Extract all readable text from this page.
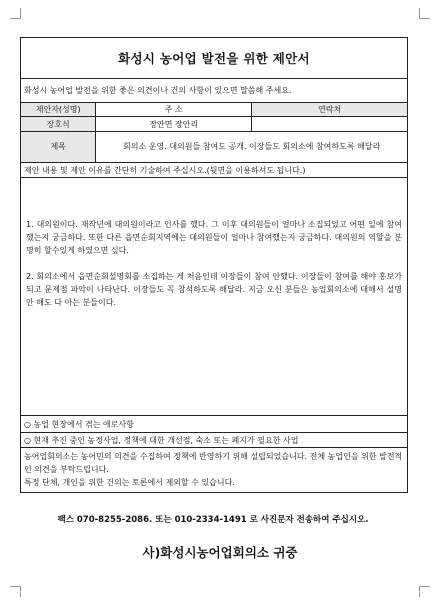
화성시 농어업 발전을 위한 제안서
화성시 농어업 발전을 위한 좋은 의견이나 건의 사항이 있으면 말씀해 주세요.
제안자(성명)	주 소	연락처
장호식	장안면 장안리	
제목	회의소 운영. 대의원들 참여도 공개. 이장들도 회의소에 참여하도록 해달라	
제안 내용 및 제안 이유를 간단히 기술하여 주십시오.(뒷면을 이용하셔도 됩니다.)

1. 대의원이다. 재작년에 대의원이라고 인사를 했다. 그 이후 대의원들이 얼마나 소집되었고 어떤 일에 참여했는지 궁금하다. 또한 다른 읍면순회지역에는 대의원들이 얼마나 참여했는지 궁금하다. 대의원의 역할을 분명히 할수있게 하였으면 싶다.

2. 회의소에서 읍면순회설명회를 소집하는 게 처음인데 이장들이 참여 안했다. 이장들이 참여를 해야 홍보가 되고 문제점 파악이 나타난다. 이장들도 꼭 참석하도록 해달라. 지금 오신 분들은 농업회의소에 대해서 설명 안 해도 다 아는 분들이다.

○ 농업 현장에서 겪는 애로사항
○ 현재 추진 중인 농정사업, 정책에 대한 개선점, 숙소 또는 폐지가 필요한 사업
농어업회의소는 농어민의 의견을 수집하여 정책에 반영하기 위해 설립되었습니다. 전체 농업인을 위한 발전적인 의견을 부탁드립니다.
특정 단체, 개인을 위한 건의는 토론에서 제외할 수 있습니다.
팩스 070-8255-2086. 또는 010-2334-1491 로 사진문자 전송하여 주십시오.
사)화성시농어업회의소 귀중
